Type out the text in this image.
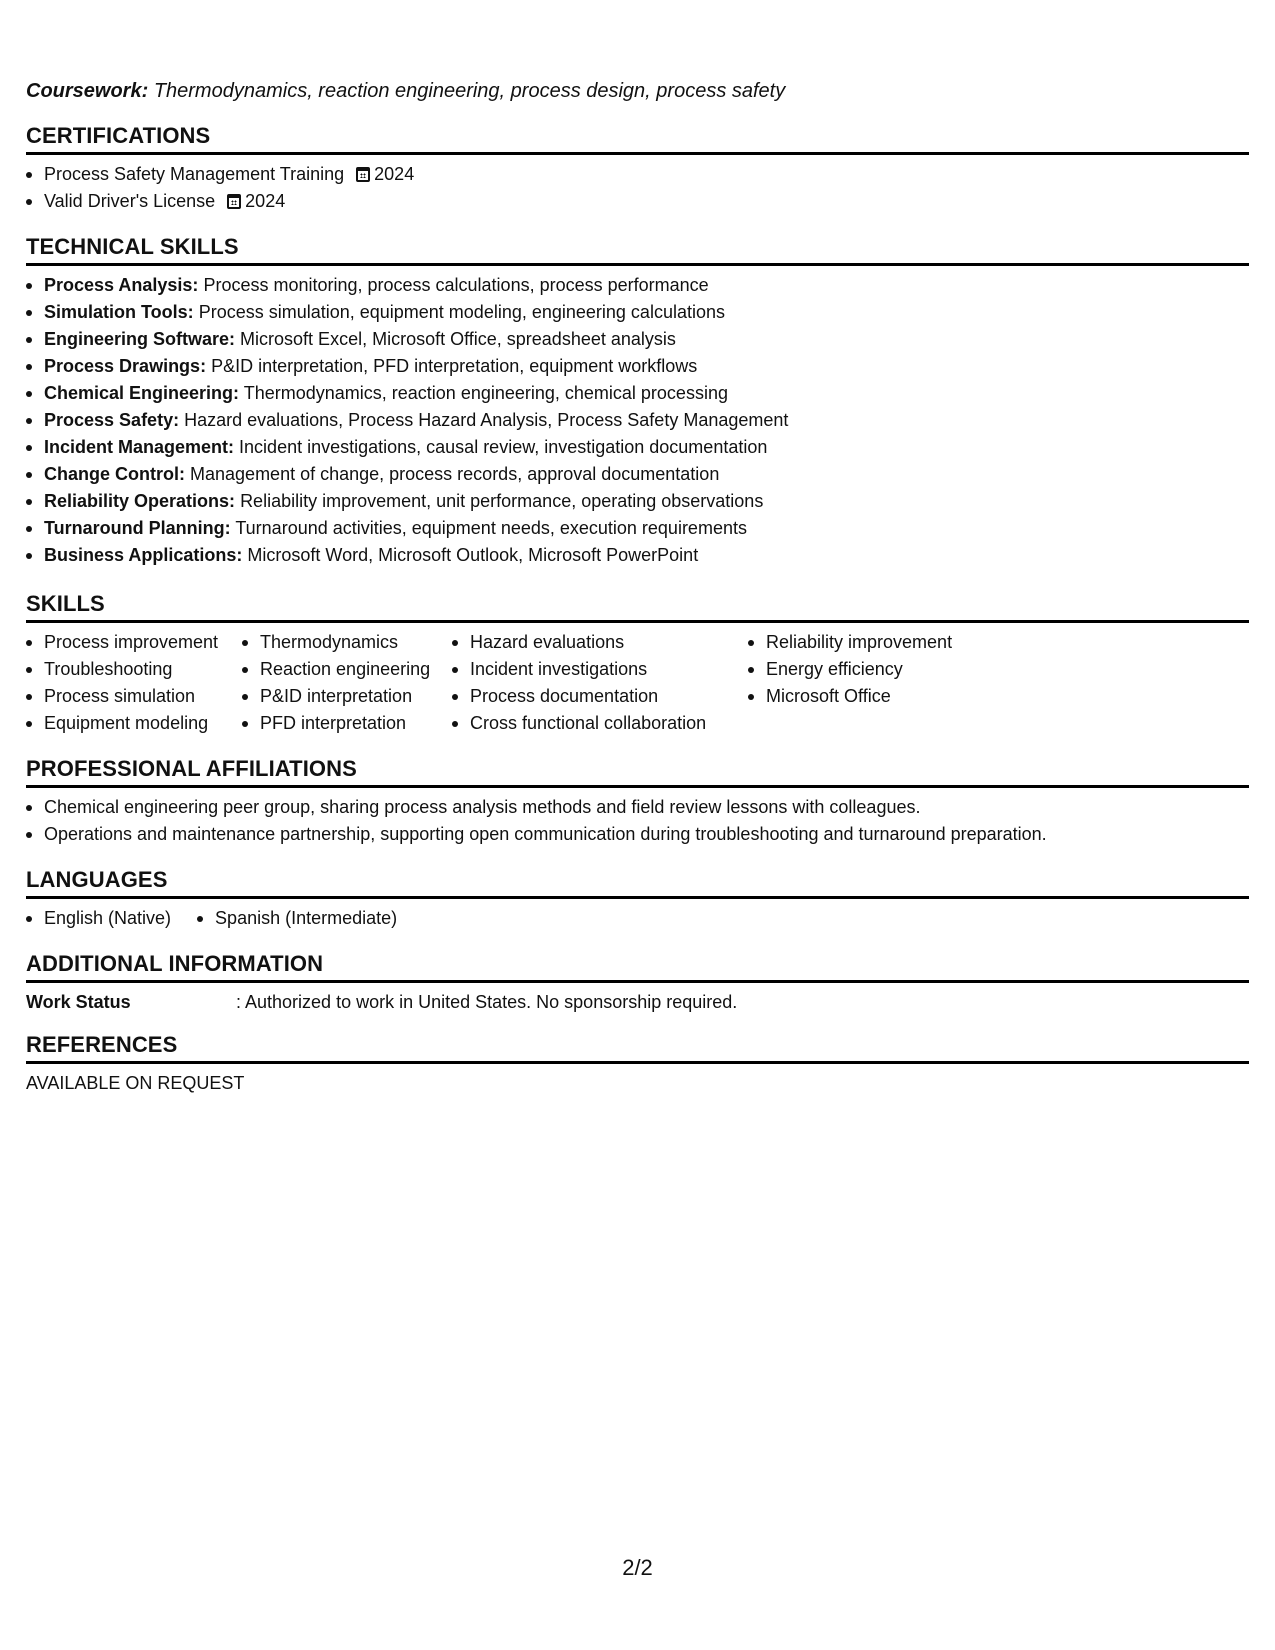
Coursework: Thermodynamics, reaction engineering, process design, process safety
CERTIFICATIONS
Process Safety Management Training 2024
Valid Driver's License 2024
TECHNICAL SKILLS
Process Analysis: Process monitoring, process calculations, process performance
Simulation Tools: Process simulation, equipment modeling, engineering calculations
Engineering Software: Microsoft Excel, Microsoft Office, spreadsheet analysis
Process Drawings: P&ID interpretation, PFD interpretation, equipment workflows
Chemical Engineering: Thermodynamics, reaction engineering, chemical processing
Process Safety: Hazard evaluations, Process Hazard Analysis, Process Safety Management
Incident Management: Incident investigations, causal review, investigation documentation
Change Control: Management of change, process records, approval documentation
Reliability Operations: Reliability improvement, unit performance, operating observations
Turnaround Planning: Turnaround activities, equipment needs, execution requirements
Business Applications: Microsoft Word, Microsoft Outlook, Microsoft PowerPoint
SKILLS
Process improvement
Troubleshooting
Process simulation
Equipment modeling
Thermodynamics
Reaction engineering
P&ID interpretation
PFD interpretation
Hazard evaluations
Incident investigations
Process documentation
Cross functional collaboration
Reliability improvement
Energy efficiency
Microsoft Office
PROFESSIONAL AFFILIATIONS
Chemical engineering peer group, sharing process analysis methods and field review lessons with colleagues.
Operations and maintenance partnership, supporting open communication during troubleshooting and turnaround preparation.
LANGUAGES
English (Native)	Spanish (Intermediate)
ADDITIONAL INFORMATION
Work Status	: Authorized to work in United States. No sponsorship required.
REFERENCES
AVAILABLE ON REQUEST
2/2
